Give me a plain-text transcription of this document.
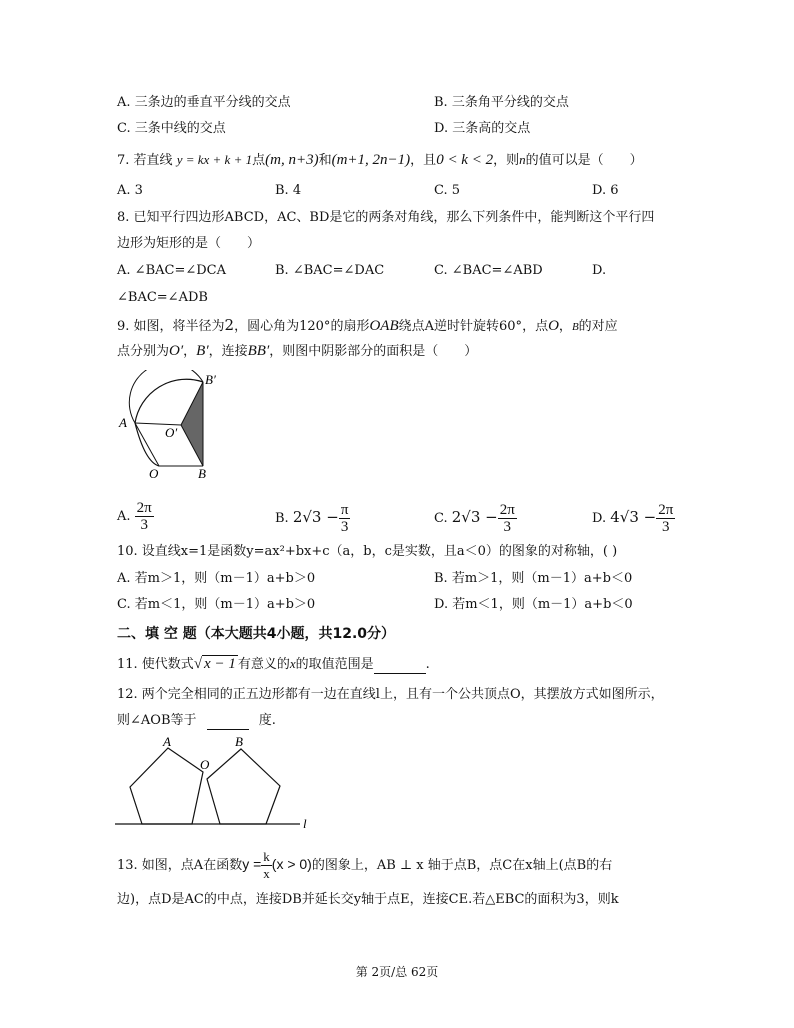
A. 三条边的垂直平分线的交点	B. 三条角平分线的交点
C. 三条中线的交点	D. 三条高的交点
7. 若直线 y = kx + k + 1点(m, n+3)和(m+1, 2n−1)，且0 < k < 2，则n的值可以是（　　）
A. 3	B. 4	C. 5	D. 6
8. 已知平行四边形ABCD，AC、BD是它的两条对角线，那么下列条件中，能判断这个平行四
边形为矩形的是（　　）
A. ∠BAC=∠DCA	B. ∠BAC=∠DAC	C. ∠BAC=∠ABD	D.
∠BAC=∠ADB
9. 如图，将半径为2，圆心角为120°的扇形OAB绕点A逆时针旋转60°，点O，B的对应
点分别为O′，B′，连接BB′，则图中阴影部分的面积是（　　）
B′
A
O′
O	B
A. $\frac{2\pi}{3}$	B. $2√3 - \frac{\pi}{3}$	C. $2√3 - \frac{2\pi}{3}$	D. $4√3 - \frac{2\pi}{3}$
10. 设直线x=1是函数y=ax²+bx+c（a，b，c是实数，且a＜0）的图象的对称轴，( )
A. 若m＞1，则（m－1）a+b＞0	B. 若m＞1，则（m－1）a+b＜0
C. 若m＜1，则（m－1）a+b＞0	D. 若m＜1，则（m－1）a+b＜0
二、填 空 题（本大题共4小题，共12.0分）
11. 使代数式√ x − 1 有意义的x的取值范围是	.
12. 两个完全相同的正五边形都有一边在直线l上，且有一个公共顶点O，其摆放方式如图所示，
则∠AOB等于	度.
A
O
B
l
13. 如图，点A在函数$y = \frac{k}{x} (x > 0)$的图象上，AB ⊥ x 轴于点B，点C在x轴上(点B的右
边)，点D是AC的中点，连接DB并延长交y轴于点E，连接CE.若△EBC的面积为3，则k
第 2页/总 62页
